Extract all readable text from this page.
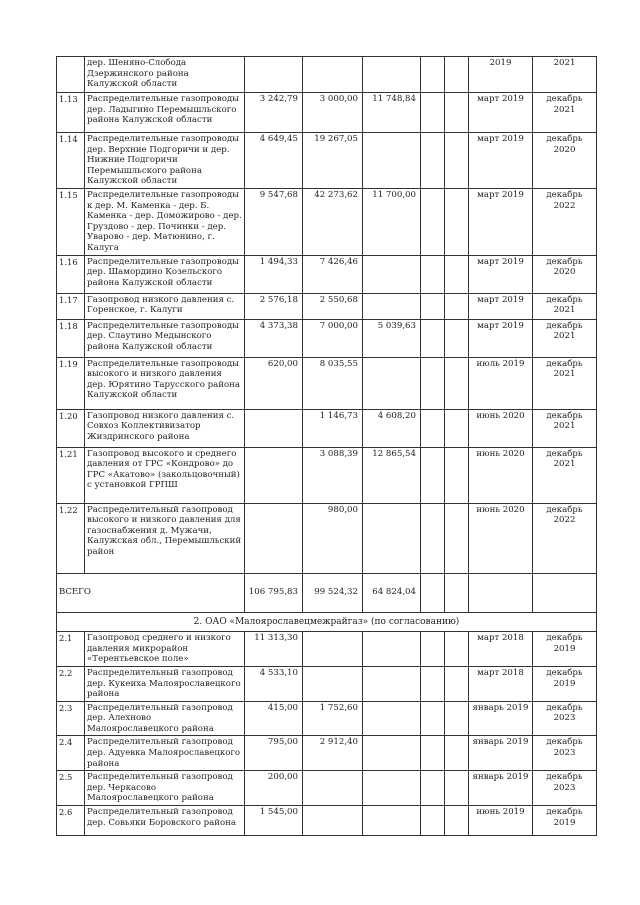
	дер. Шеняно-Слобода Дзержинского района Калужской области						2019	2021
1.13	Распределительные газопроводы дер. Ладыгино Перемышльского района Калужской области	3 242,79	3 000,00	11 748,84			март 2019	декабрь 2021
1.14	Распределительные газопроводы дер. Верхние Подгоричи и дер. Нижние Подгоричи Перемышльского района Калужской области	4 649,45	19 267,05				март 2019	декабрь 2020
1.15	Распределительные газопроводы к дер. М. Каменка - дер. Б. Каменка - дер. Доможирово - дер. Груздово - дер. Починки - дер. Уварово - дер. Матюнино, г. Калуга	9 547,68	42 273,62	11 700,00			март 2019	декабрь 2022
1.16	Распределительные газопроводы дер. Шамордино Козельского района Калужской области	1 494,33	7 426,46				март 2019	декабрь 2020
1.17	Газопровод низкого давления с. Горенское, г. Калуги	2 576,18	2 550,68				март 2019	декабрь 2021
1.18	Распределительные газопроводы дер. Слаутино Медынского района Калужской области	4 373,38	7 000,00	5 039,63			март 2019	декабрь 2021
1.19	Распределительные газопроводы высокого и низкого давления дер. Юрятино Тарусского района Калужской области	620,00	8 035,55				июль 2019	декабрь 2021
1.20	Газопровод низкого давления с. Совхоз Коллективизатор Жиздринского района		1 146,73	4 608,20			июнь 2020	декабрь 2021
1.21	Газопровод высокого и среднего давления от ГРС «Кондрово» до ГРС «Акатово» (закольцовочный) с установкой ГРПШ		3 088,39	12 865,54			июнь 2020	декабрь 2021
1.22	Распределительный газопровод высокого и низкого давления для газоснабжения д. Мужачи, Калужская обл., Перемышльский район		980,00				июнь 2020	декабрь 2022
ВСЕГО		106 795,83	99 524,32	64 824,04				
2. ОАО «Малоярославецмежрайгаз» (по согласованию)								
2.1	Газопровод среднего и низкого давления микрорайон «Терентьевское поле»	11 313,30					март 2018	декабрь 2019
2.2	Распределительный газопровод дер. Кукеиха Малоярославецкого района	4 533,10					март 2018	декабрь 2019
2.3	Распределительный газопровод дер. Алехново Малоярославецкого района	415,00	1 752,60				январь 2019	декабрь 2023
2.4	Распределительный газопровод дер. Адуевка Малоярославецкого района	795,00	2 912,40				январь 2019	декабрь 2023
2.5	Распределительный газопровод дер. Черкасово Малоярославецкого района	200,00					январь 2019	декабрь 2023
2.6	Распределительный газопровод дер. Совьяки Боровского района	1 545,00					июнь 2019	декабрь 2019
